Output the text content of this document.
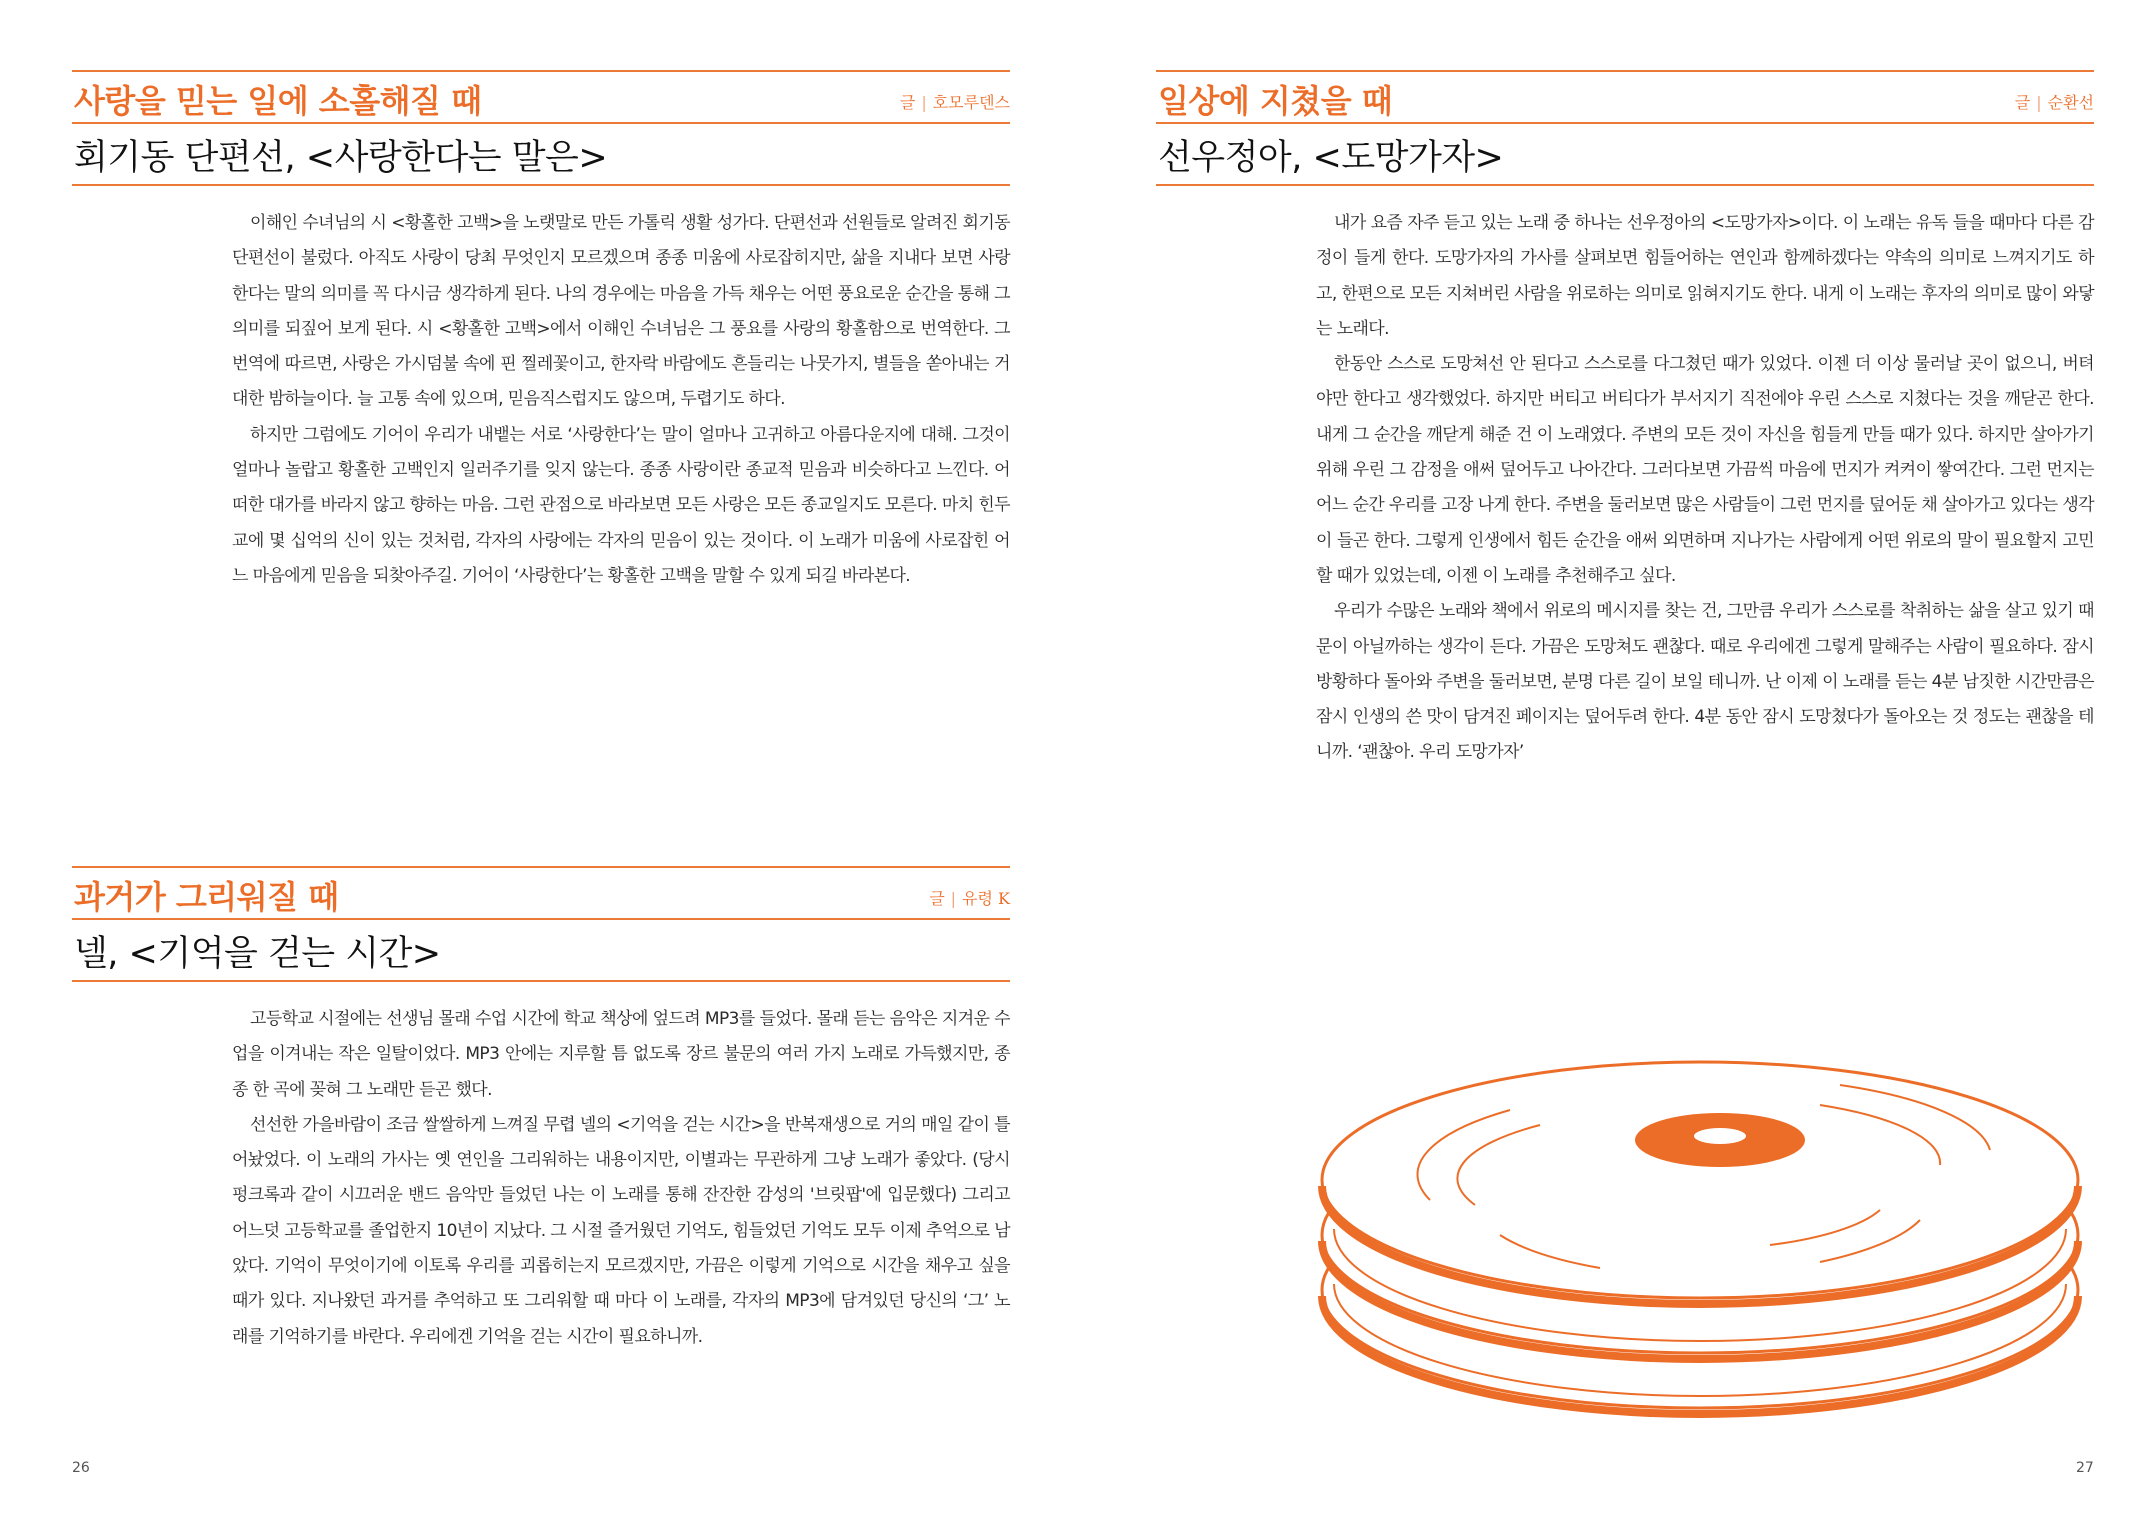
사랑을 믿는 일에 소홀해질 때	글 | 호모루덴스
회기동 단편선, <사랑한다는 말은>

이해인 수녀님의 시 <황홀한 고백>을 노랫말로 만든 가톨릭 생활 성가다. 단편선과 선원들로 알려진 회기동 단편선이 불렀다. 아직도 사랑이 당최 무엇인지 모르겠으며 종종 미움에 사로잡히지만, 삶을 지내다 보면 사랑한다는 말의 의미를 꼭 다시금 생각하게 된다. 나의 경우에는 마음을 가득 채우는 어떤 풍요로운 순간을 통해 그 의미를 되짚어 보게 된다. 시 <황홀한 고백>에서 이해인 수녀님은 그 풍요를 사랑의 황홀함으로 번역한다. 그 번역에 따르면, 사랑은 가시덤불 속에 핀 찔레꽃이고, 한자락 바람에도 흔들리는 나뭇가지, 별들을 쏟아내는 거대한 밤하늘이다. 늘 고통 속에 있으며, 믿음직스럽지도 않으며, 두렵기도 하다.

하지만 그럼에도 기어이 우리가 내뱉는 서로 ‘사랑한다’는 말이 얼마나 고귀하고 아름다운지에 대해. 그것이 얼마나 놀랍고 황홀한 고백인지 일러주기를 잊지 않는다. 종종 사랑이란 종교적 믿음과 비슷하다고 느낀다. 어떠한 대가를 바라지 않고 향하는 마음. 그런 관점으로 바라보면 모든 사랑은 모든 종교일지도 모른다. 마치 힌두교에 몇 십억의 신이 있는 것처럼, 각자의 사랑에는 각자의 믿음이 있는 것이다. 이 노래가 미움에 사로잡힌 어느 마음에게 믿음을 되찾아주길. 기어이 ‘사랑한다’는 황홀한 고백을 말할 수 있게 되길 바라본다.

과거가 그리워질 때	글 | 유령 K
넬, <기억을 걷는 시간>

고등학교 시절에는 선생님 몰래 수업 시간에 학교 책상에 엎드려 MP3를 들었다. 몰래 듣는 음악은 지겨운 수업을 이겨내는 작은 일탈이었다. MP3 안에는 지루할 틈 없도록 장르 불문의 여러 가지 노래로 가득했지만, 종종 한 곡에 꽂혀 그 노래만 듣곤 했다.

선선한 가을바람이 조금 쌀쌀하게 느껴질 무렵 넬의 <기억을 걷는 시간>을 반복재생으로 거의 매일 같이 틀어놨었다. 이 노래의 가사는 옛 연인을 그리워하는 내용이지만, 이별과는 무관하게 그냥 노래가 좋았다. (당시 펑크록과 같이 시끄러운 밴드 음악만 들었던 나는 이 노래를 통해 잔잔한 감성의 '브릿팝'에 입문했다) 그리고 어느덧 고등학교를 졸업한지 10년이 지났다. 그 시절 즐거웠던 기억도, 힘들었던 기억도 모두 이제 추억으로 남았다. 기억이 무엇이기에 이토록 우리를 괴롭히는지 모르겠지만, 가끔은 이렇게 기억으로 시간을 채우고 싶을 때가 있다. 지나왔던 과거를 추억하고 또 그리워할 때 마다 이 노래를, 각자의 MP3에 담겨있던 당신의 ‘그’ 노래를 기억하기를 바란다. 우리에겐 기억을 걷는 시간이 필요하니까.

26
일상에 지쳤을 때	글 | 순환선
선우정아, <도망가자>

내가 요즘 자주 듣고 있는 노래 중 하나는 선우정아의 <도망가자>이다. 이 노래는 유독 들을 때마다 다른 감정이 들게 한다. 도망가자의 가사를 살펴보면 힘들어하는 연인과 함께하겠다는 약속의 의미로 느껴지기도 하고, 한편으로 모든 지쳐버린 사람을 위로하는 의미로 읽혀지기도 한다. 내게 이 노래는 후자의 의미로 많이 와닿는 노래다.

한동안 스스로 도망쳐선 안 된다고 스스로를 다그쳤던 때가 있었다. 이젠 더 이상 물러날 곳이 없으니, 버텨야만 한다고 생각했었다. 하지만 버티고 버티다가 부서지기 직전에야 우린 스스로 지쳤다는 것을 깨닫곤 한다. 내게 그 순간을 깨닫게 해준 건 이 노래였다. 주변의 모든 것이 자신을 힘들게 만들 때가 있다. 하지만 살아가기 위해 우린 그 감정을 애써 덮어두고 나아간다. 그러다보면 가끔씩 마음에 먼지가 켜켜이 쌓여간다. 그런 먼지는 어느 순간 우리를 고장 나게 한다. 주변을 둘러보면 많은 사람들이 그런 먼지를 덮어둔 채 살아가고 있다는 생각이 들곤 한다. 그렇게 인생에서 힘든 순간을 애써 외면하며 지나가는 사람에게 어떤 위로의 말이 필요할지 고민할 때가 있었는데, 이젠 이 노래를 추천해주고 싶다.

우리가 수많은 노래와 책에서 위로의 메시지를 찾는 건, 그만큼 우리가 스스로를 착취하는 삶을 살고 있기 때문이 아닐까하는 생각이 든다. 가끔은 도망쳐도 괜찮다. 때로 우리에겐 그렇게 말해주는 사람이 필요하다. 잠시 방황하다 돌아와 주변을 둘러보면, 분명 다른 길이 보일 테니까. 난 이제 이 노래를 듣는 4분 남짓한 시간만큼은 잠시 인생의 쓴 맛이 담겨진 페이지는 덮어두려 한다. 4분 동안 잠시 도망쳤다가 돌아오는 것 정도는 괜찮을 테니까. ‘괜찮아. 우리 도망가자’

27
